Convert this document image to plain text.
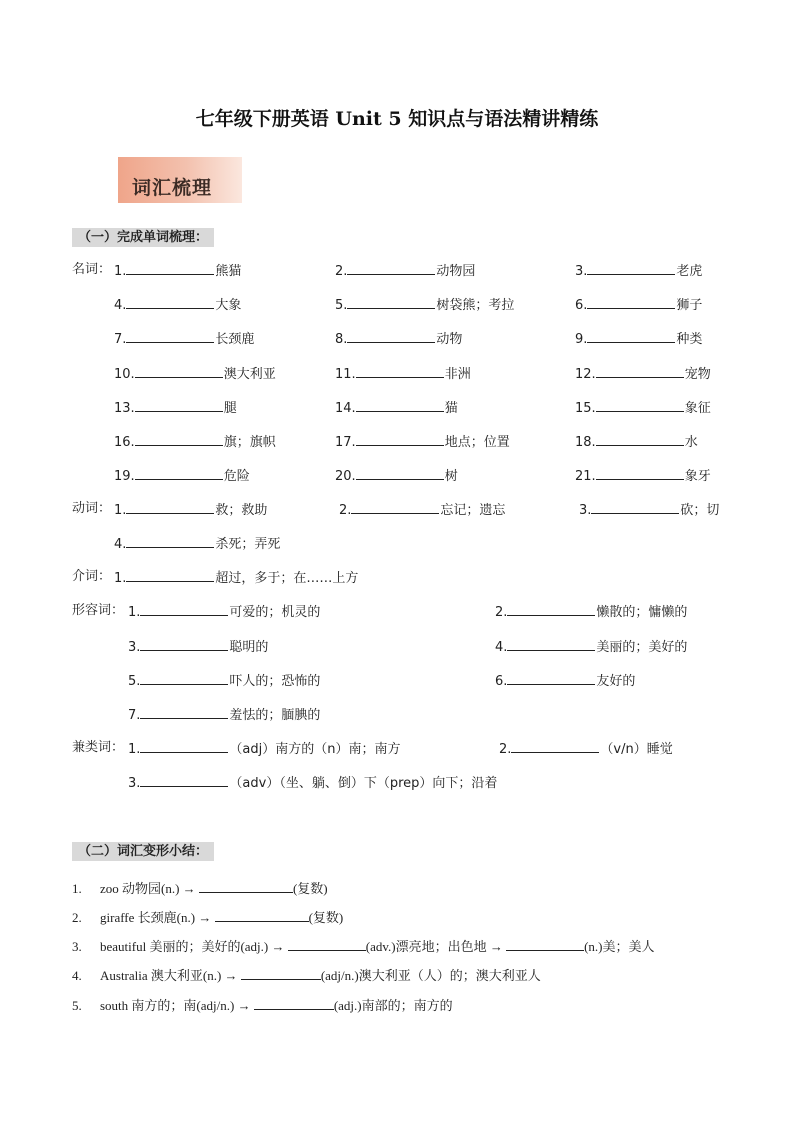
七年级下册英语 Unit 5 知识点与语法精讲精练
词汇梳理
（一）完成单词梳理：
名词： 1.	熊猫	2.	动物园	3.	老虎
4.	大象	5.	树袋熊；考拉	6.	狮子
7.	长颈鹿	8.	动物	9.	种类
10.	澳大利亚	11.	非洲	12.	宠物
13.	腿	14.	猫	15.	象征
16.	旗；旗帜	17.	地点；位置	18.	水
19.	危险	20.	树	21.	象牙
动词： 1.	救；救助	2.	忘记；遗忘	3.	砍；切
4.	杀死；弄死
介词： 1.	超过，多于；在……上方
形容词： 1.	可爱的；机灵的	2.	懒散的；慵懒的
3.	聪明的	4.	美丽的；美好的
5.	吓人的；恐怖的	6.	友好的
7.	羞怯的；腼腆的
兼类词： 1.	（adj）南方的（n）南；南方	2.	（v/n）睡觉
3.	（adv）（坐、躺、倒）下（prep）向下；沿着
（二）词汇变形小结：
1. zoo 动物园(n.) →	(复数)
2. giraffe 长颈鹿(n.) →	(复数)
3. beautiful 美丽的；美好的(adj.) →	(adv.)漂亮地；出色地 →	(n.)美；美人
4. Australia 澳大利亚(n.) →	(adj/n.)澳大利亚（人）的；澳大利亚人
5. south 南方的；南(adj/n.) →	(adj.)南部的；南方的
